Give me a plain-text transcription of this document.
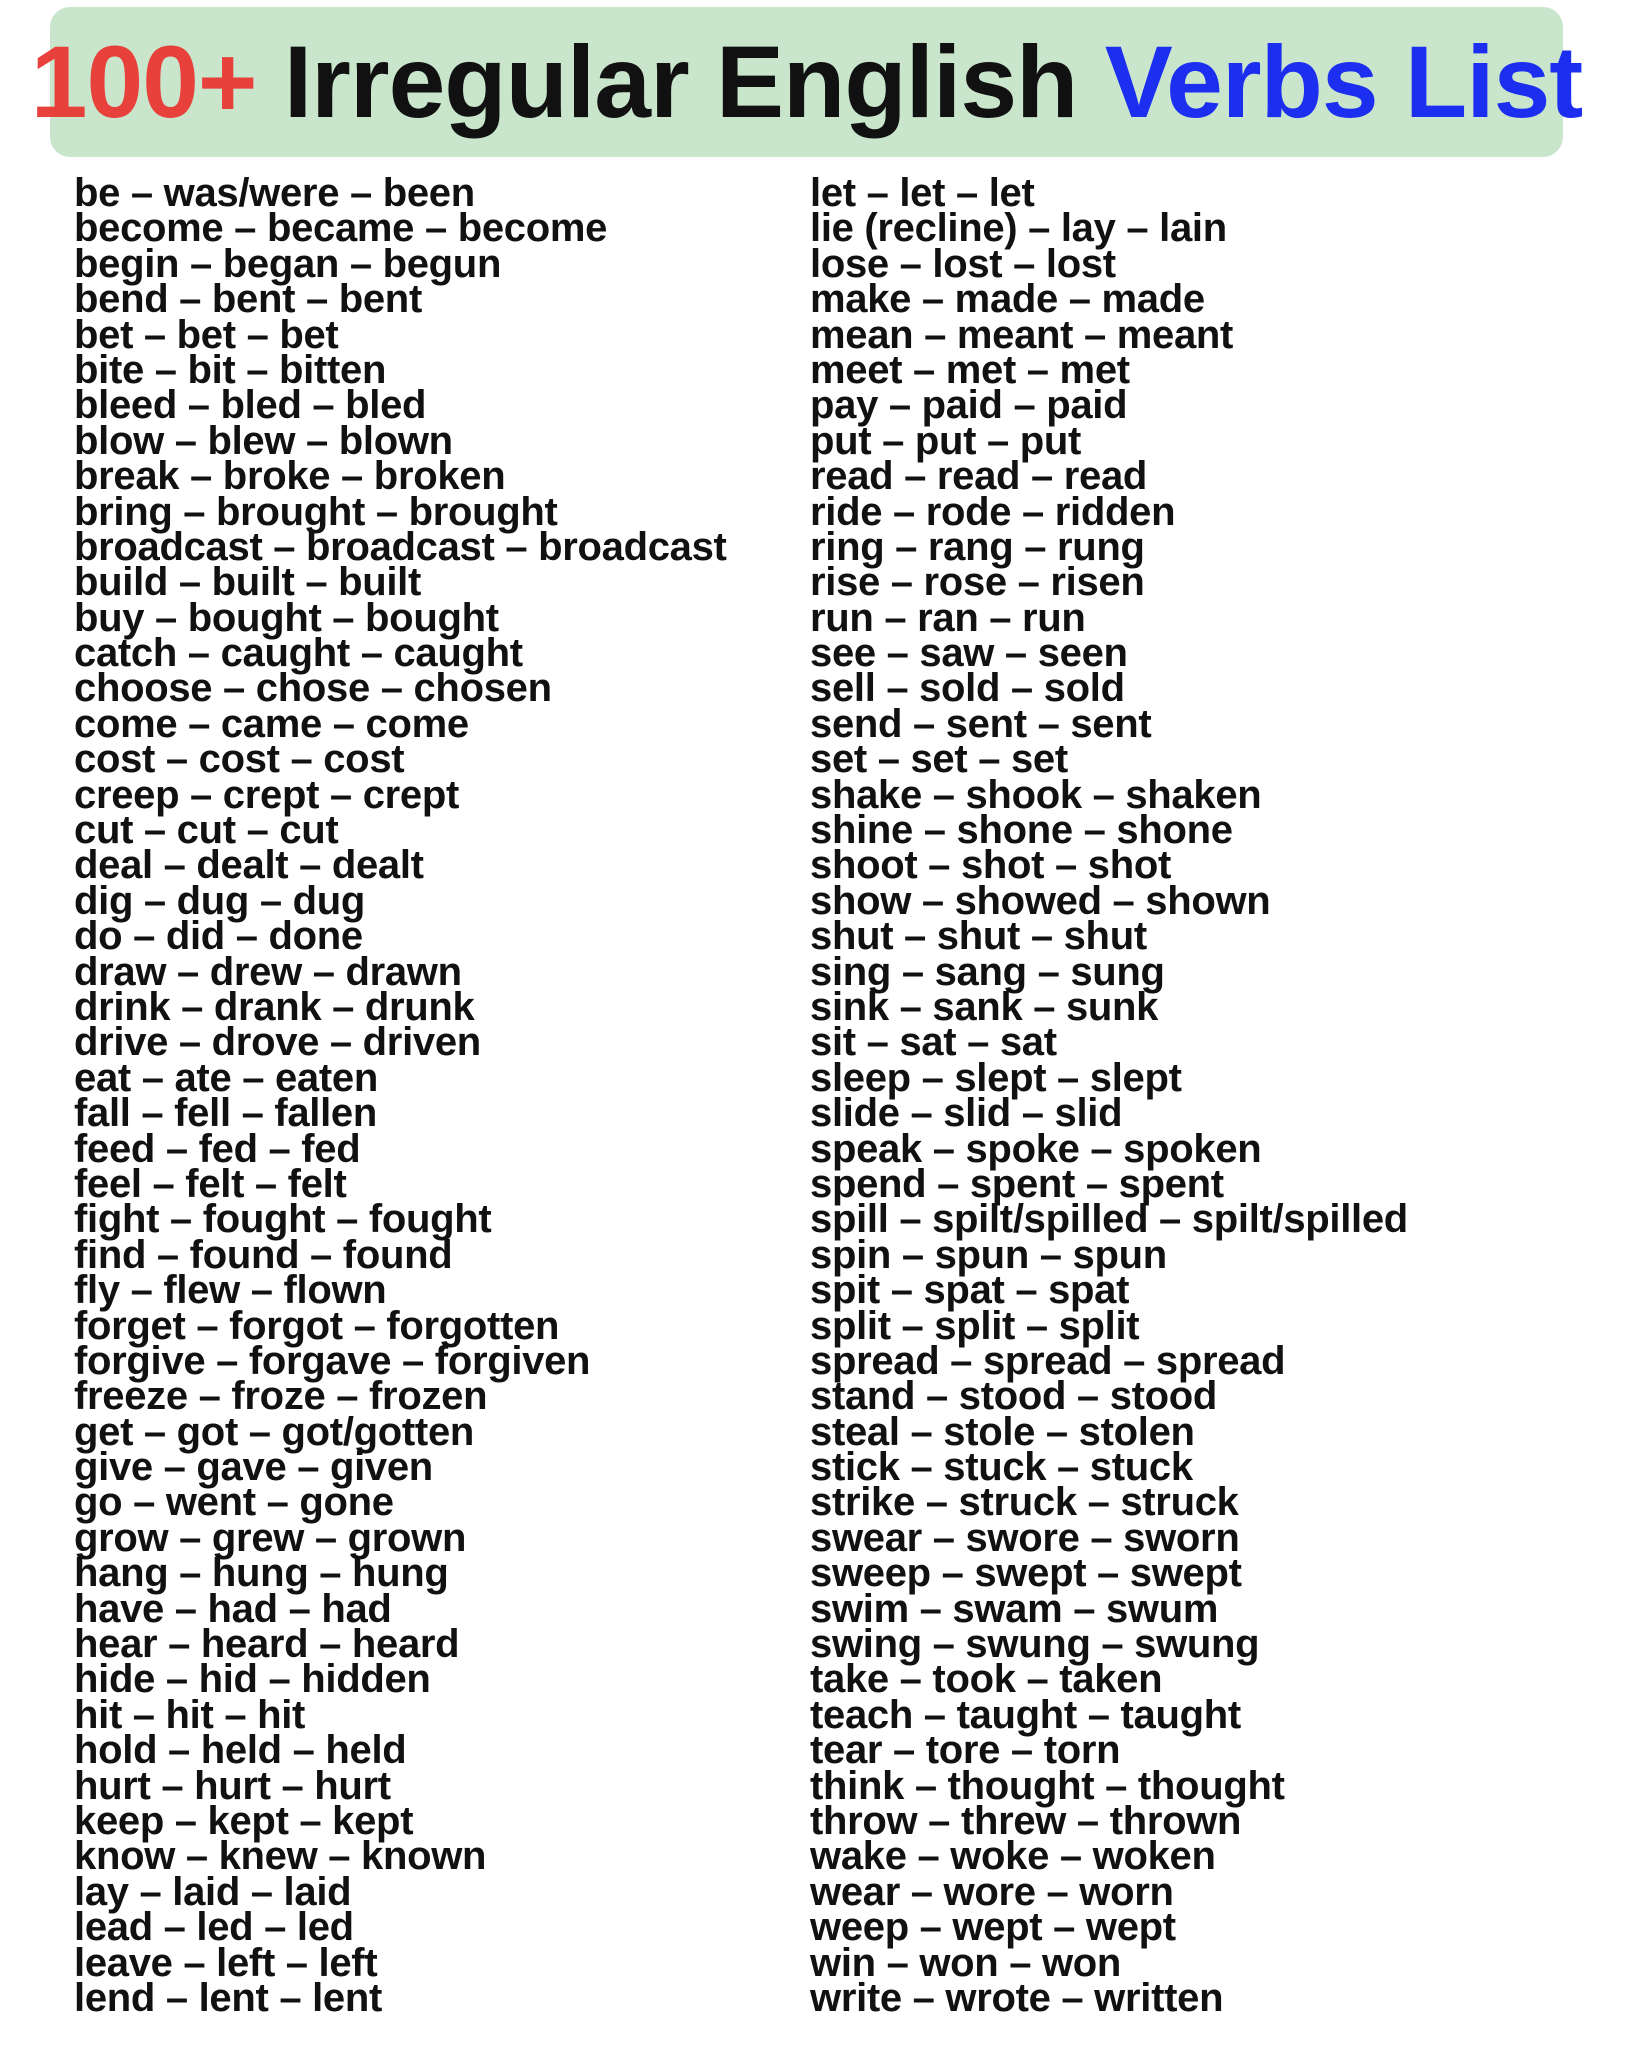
100+ Irregular English Verbs List
be – was/were – been
become – became – become
begin – began – begun
bend – bent – bent
bet – bet – bet
bite – bit – bitten
bleed – bled – bled
blow – blew – blown
break – broke – broken
bring – brought – brought
broadcast – broadcast – broadcast
build – built – built
buy – bought – bought
catch – caught – caught
choose – chose – chosen
come – came – come
cost – cost – cost
creep – crept – crept
cut – cut – cut
deal – dealt – dealt
dig – dug – dug
do – did – done
draw – drew – drawn
drink – drank – drunk
drive – drove – driven
eat – ate – eaten
fall – fell – fallen
feed – fed – fed
feel – felt – felt
fight – fought – fought
find – found – found
fly – flew – flown
forget – forgot – forgotten
forgive – forgave – forgiven
freeze – froze – frozen
get – got – got/gotten
give – gave – given
go – went – gone
grow – grew – grown
hang – hung – hung
have – had – had
hear – heard – heard
hide – hid – hidden
hit – hit – hit
hold – held – held
hurt – hurt – hurt
keep – kept – kept
know – knew – known
lay – laid – laid
lead – led – led
leave – left – left
lend – lent – lent
let – let – let
lie (recline) – lay – lain
lose – lost – lost
make – made – made
mean – meant – meant
meet – met – met
pay – paid – paid
put – put – put
read – read – read
ride – rode – ridden
ring – rang – rung
rise – rose – risen
run – ran – run
see – saw – seen
sell – sold – sold
send – sent – sent
set – set – set
shake – shook – shaken
shine – shone – shone
shoot – shot – shot
show – showed – shown
shut – shut – shut
sing – sang – sung
sink – sank – sunk
sit – sat – sat
sleep – slept – slept
slide – slid – slid
speak – spoke – spoken
spend – spent – spent
spill – spilt/spilled – spilt/spilled
spin – spun – spun
spit – spat – spat
split – split – split
spread – spread – spread
stand – stood – stood
steal – stole – stolen
stick – stuck – stuck
strike – struck – struck
swear – swore – sworn
sweep – swept – swept
swim – swam – swum
swing – swung – swung
take – took – taken
teach – taught – taught
tear – tore – torn
think – thought – thought
throw – threw – thrown
wake – woke – woken
wear – wore – worn
weep – wept – wept
win – won – won
write – wrote – written
